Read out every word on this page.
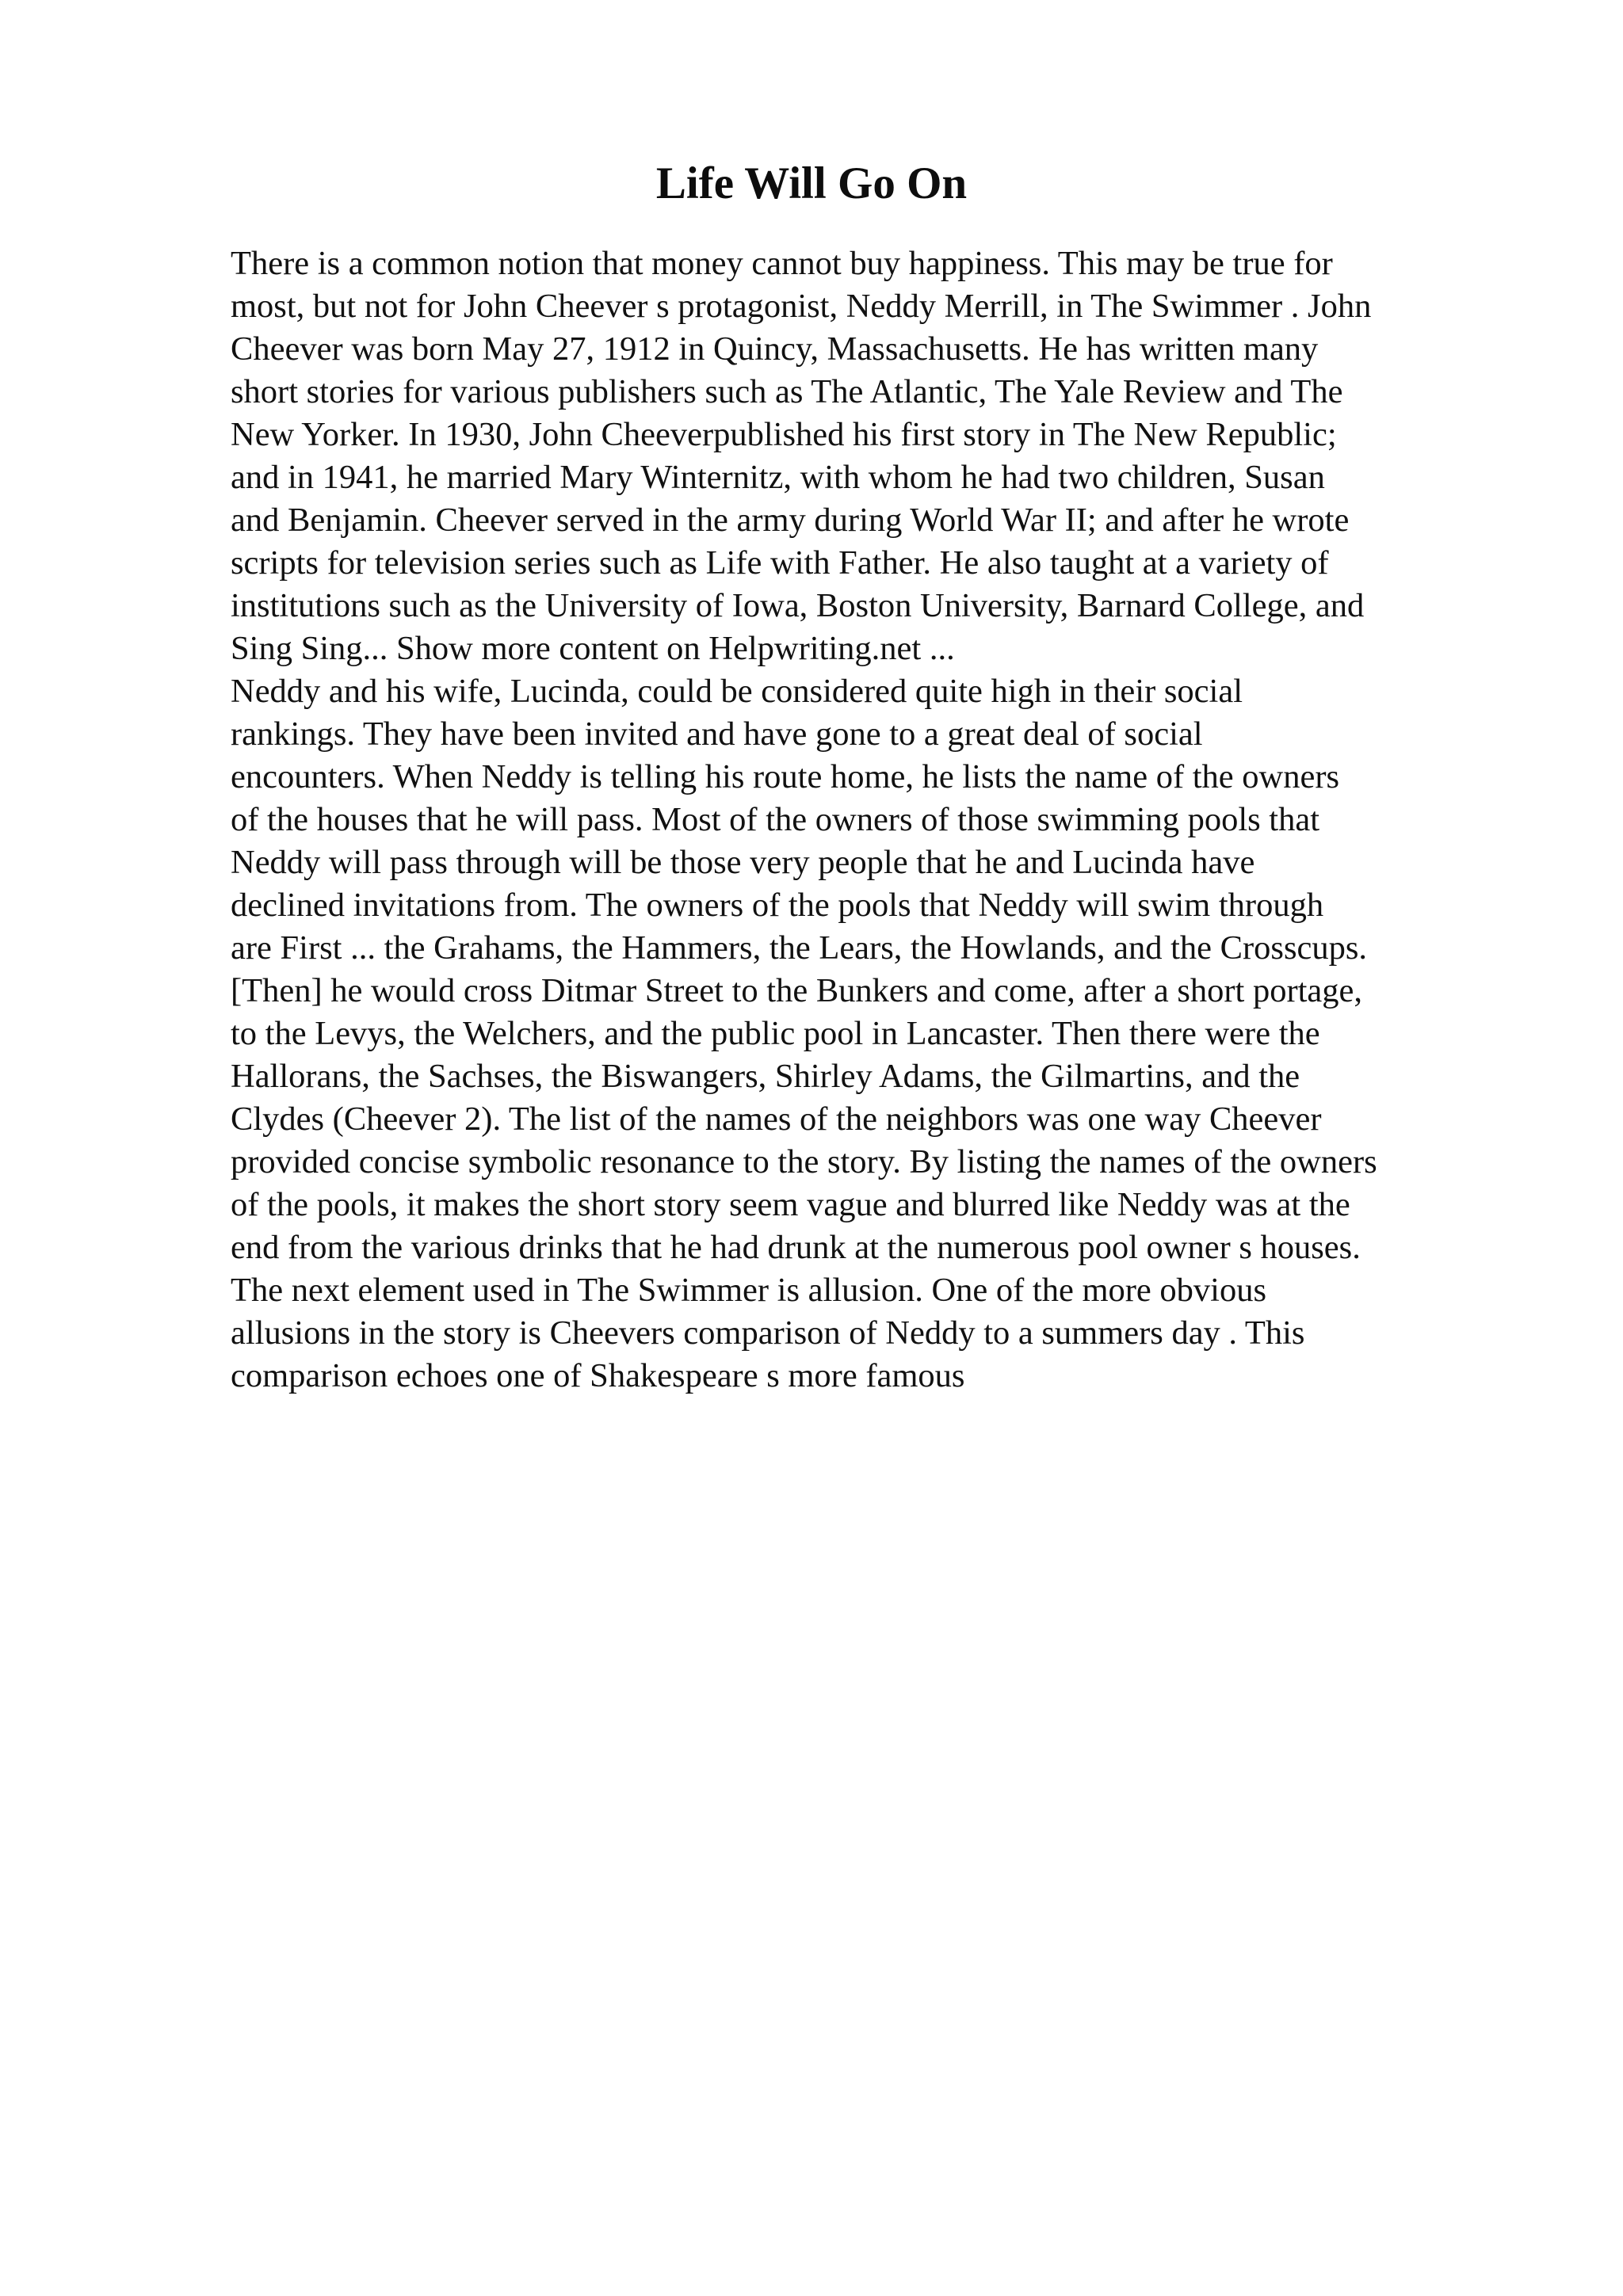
Life Will Go On
There is a common notion that money cannot buy happiness. This may be true for
most, but not for John Cheever s protagonist, Neddy Merrill, in The Swimmer . John
Cheever was born May 27, 1912 in Quincy, Massachusetts. He has written many
short stories for various publishers such as The Atlantic, The Yale Review and The
New Yorker. In 1930, John Cheeverpublished his first story in The New Republic;
and in 1941, he married Mary Winternitz, with whom he had two children, Susan
and Benjamin. Cheever served in the army during World War II; and after he wrote
scripts for television series such as Life with Father. He also taught at a variety of
institutions such as the University of Iowa, Boston University, Barnard College, and
Sing Sing... Show more content on Helpwriting.net ...
Neddy and his wife, Lucinda, could be considered quite high in their social
rankings. They have been invited and have gone to a great deal of social
encounters. When Neddy is telling his route home, he lists the name of the owners
of the houses that he will pass. Most of the owners of those swimming pools that
Neddy will pass through will be those very people that he and Lucinda have
declined invitations from. The owners of the pools that Neddy will swim through
are First ... the Grahams, the Hammers, the Lears, the Howlands, and the Crosscups.
[Then] he would cross Ditmar Street to the Bunkers and come, after a short portage,
to the Levys, the Welchers, and the public pool in Lancaster. Then there were the
Hallorans, the Sachses, the Biswangers, Shirley Adams, the Gilmartins, and the
Clydes (Cheever 2). The list of the names of the neighbors was one way Cheever
provided concise symbolic resonance to the story. By listing the names of the owners
of the pools, it makes the short story seem vague and blurred like Neddy was at the
end from the various drinks that he had drunk at the numerous pool owner s houses.
The next element used in The Swimmer is allusion. One of the more obvious
allusions in the story is Cheevers comparison of Neddy to a summers day . This
comparison echoes one of Shakespeare s more famous
